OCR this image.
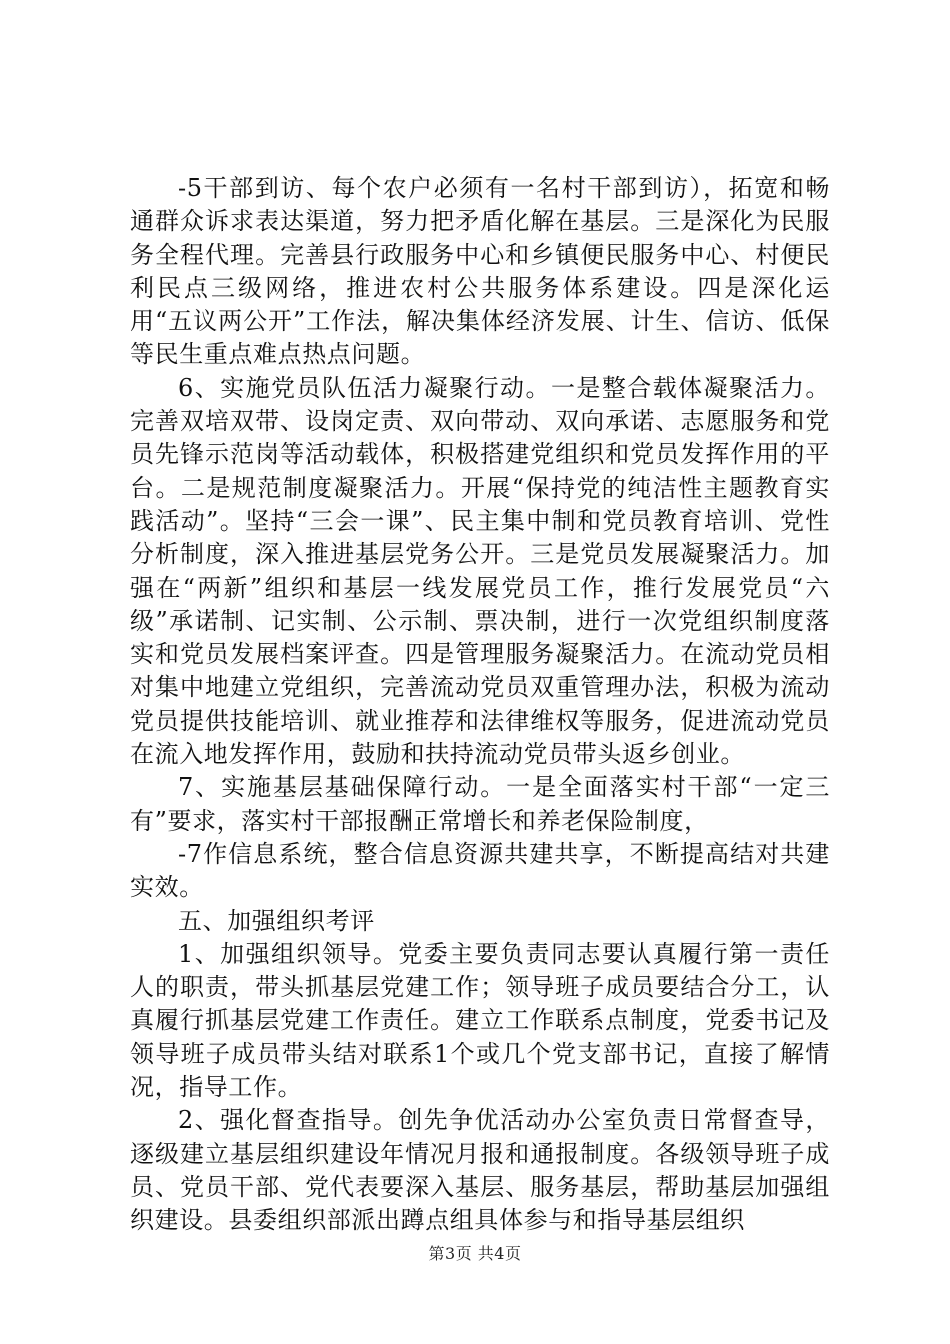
-5干部到访、每个农户必须有一名村干部到访），拓宽和畅通群众诉求表达渠道，努力把矛盾化解在基层。三是深化为民服务全程代理。完善县行政服务中心和乡镇便民服务中心、村便民利民点三级网络，推进农村公共服务体系建设。四是深化运用“五议两公开”工作法，解决集体经济发展、计生、信访、低保等民生重点难点热点问题。

6、实施党员队伍活力凝聚行动。一是整合载体凝聚活力。完善双培双带、设岗定责、双向带动、双向承诺、志愿服务和党员先锋示范岗等活动载体，积极搭建党组织和党员发挥作用的平台。二是规范制度凝聚活力。开展“保持党的纯洁性主题教育实践活动”。坚持“三会一课”、民主集中制和党员教育培训、党性分析制度，深入推进基层党务公开。三是党员发展凝聚活力。加强在“两新”组织和基层一线发展党员工作，推行发展党员“六级”承诺制、记实制、公示制、票决制，进行一次党组织制度落实和党员发展档案评查。四是管理服务凝聚活力。在流动党员相对集中地建立党组织，完善流动党员双重管理办法，积极为流动党员提供技能培训、就业推荐和法律维权等服务，促进流动党员在流入地发挥作用，鼓励和扶持流动党员带头返乡创业。

7、实施基层基础保障行动。一是全面落实村干部“一定三有”要求，落实村干部报酬正常增长和养老保险制度，

-7作信息系统，整合信息资源共建共享，不断提高结对共建实效。

五、加强组织考评

1、加强组织领导。党委主要负责同志要认真履行第一责任人的职责，带头抓基层党建工作；领导班子成员要结合分工，认真履行抓基层党建工作责任。建立工作联系点制度，党委书记及领导班子成员带头结对联系1个或几个党支部书记，直接了解情况，指导工作。

2、强化督查指导。创先争优活动办公室负责日常督查导，逐级建立基层组织建设年情况月报和通报制度。各级领导班子成员、党员干部、党代表要深入基层、服务基层，帮助基层加强组织建设。县委组织部派出蹲点组具体参与和指导基层组织

第3页 共4页
